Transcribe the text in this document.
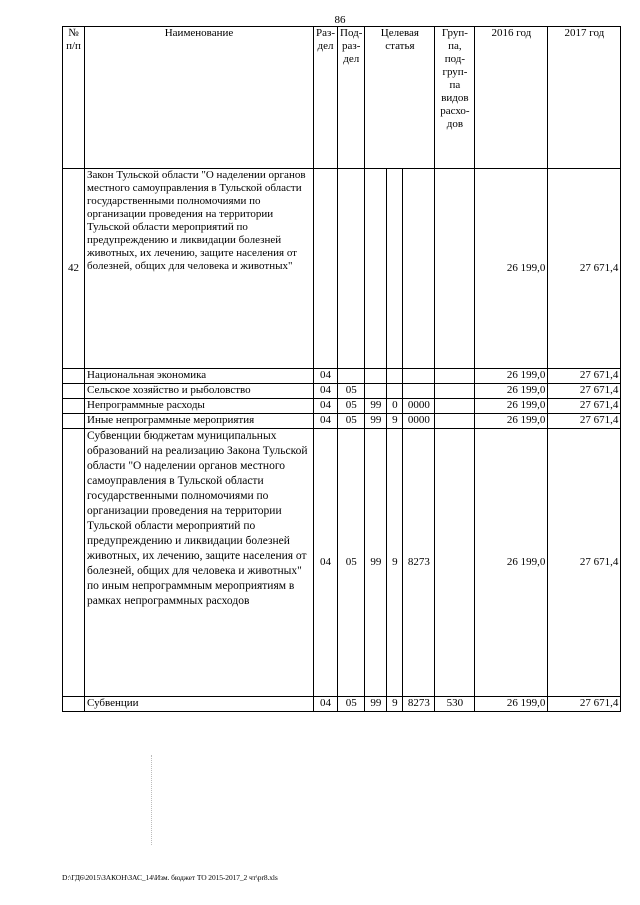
86
№ п/п	Наименование	Раз-дел	Под-раз-дел	Целевая статья			Груп-па, под-груп-па видов расхо-дов	2016 год	2017 год
42	Закон Тульской области "О наделении органов местного самоуправления в Тульской области государственными полномочиями по организации проведения на территории Тульской области мероприятий по предупреждению и ликвидации болезней животных, их лечению, защите населения от болезней, общих для человека и животных"							26 199,0	27 671,4
	Национальная экономика	04						26 199,0	27 671,4
	Сельское хозяйство и рыболовство	04	05					26 199,0	27 671,4
	Непрограммные расходы	04	05	99	0	0000		26 199,0	27 671,4
	Иные непрограммные мероприятия	04	05	99	9	0000		26 199,0	27 671,4
	Субвенции бюджетам муниципальных образований на реализацию Закона Тульской области "О наделении органов местного самоуправления в Тульской области государственными полномочиями по организации проведения на территории Тульской области мероприятий по предупреждению и ликвидации болезней животных, их лечению, защите населения от болезней, общих для человека и животных" по иным непрограммным мероприятиям в рамках непрограммных расходов	04	05	99	9	8273		26 199,0	27 671,4
	Субвенции	04	05	99	9	8273	530	26 199,0	27 671,4
D:\ГД6\2015\ЗАКОН\ЗАС_14\Изм. бюджет ТО 2015-2017_2 чт\pr8.xls
